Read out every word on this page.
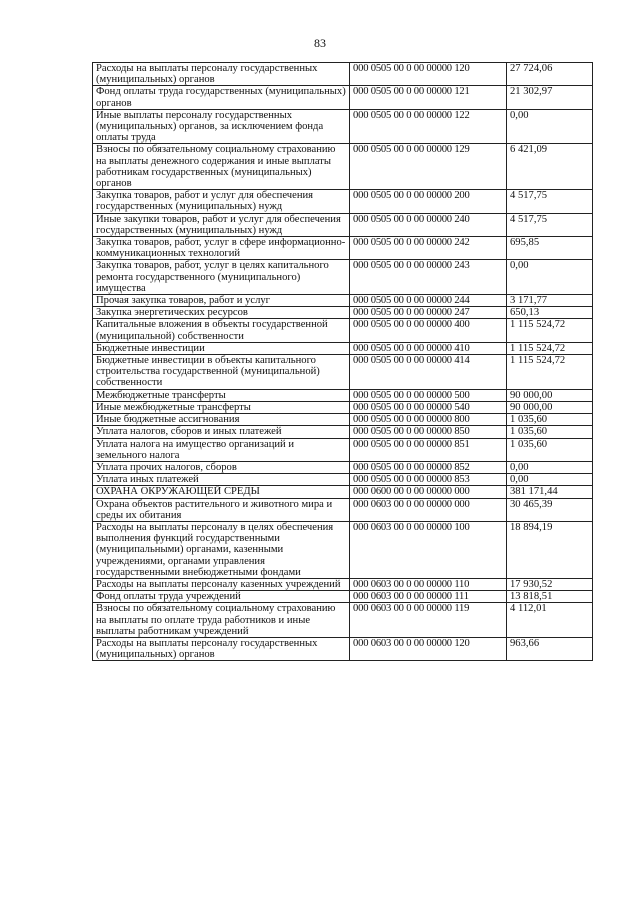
83
Расходы на выплаты персоналу государственных (муниципальных) органов	000 0505 00 0 00 00000 120	27 724,06
Фонд оплаты труда государственных (муниципальных) органов	000 0505 00 0 00 00000 121	21 302,97
Иные выплаты персоналу государственных (муниципальных) органов, за исключением фонда оплаты труда	000 0505 00 0 00 00000 122	0,00
Взносы по обязательному социальному страхованию на выплаты денежного содержания и иные выплаты работникам государственных (муниципальных) органов	000 0505 00 0 00 00000 129	6 421,09
Закупка товаров, работ и услуг для обеспечения государственных (муниципальных) нужд	000 0505 00 0 00 00000 200	4 517,75
Иные закупки товаров, работ и услуг для обеспечения государственных (муниципальных) нужд	000 0505 00 0 00 00000 240	4 517,75
Закупка товаров, работ, услуг в сфере информационно-коммуникационных технологий	000 0505 00 0 00 00000 242	695,85
Закупка товаров, работ, услуг в целях капитального ремонта государственного (муниципального) имущества	000 0505 00 0 00 00000 243	0,00
Прочая закупка товаров, работ и услуг	000 0505 00 0 00 00000 244	3 171,77
Закупка энергетических ресурсов	000 0505 00 0 00 00000 247	650,13
Капитальные вложения в объекты государственной (муниципальной) собственности	000 0505 00 0 00 00000 400	1 115 524,72
Бюджетные инвестиции	000 0505 00 0 00 00000 410	1 115 524,72
Бюджетные инвестиции в объекты капитального строительства государственной (муниципальной) собственности	000 0505 00 0 00 00000 414	1 115 524,72
Межбюджетные трансферты	000 0505 00 0 00 00000 500	90 000,00
Иные межбюджетные трансферты	000 0505 00 0 00 00000 540	90 000,00
Иные бюджетные ассигнования	000 0505 00 0 00 00000 800	1 035,60
Уплата налогов, сборов и иных платежей	000 0505 00 0 00 00000 850	1 035,60
Уплата налога на имущество организаций и земельного налога	000 0505 00 0 00 00000 851	1 035,60
Уплата прочих налогов, сборов	000 0505 00 0 00 00000 852	0,00
Уплата иных платежей	000 0505 00 0 00 00000 853	0,00
ОХРАНА ОКРУЖАЮЩЕЙ СРЕДЫ	000 0600 00 0 00 00000 000	381 171,44
Охрана объектов растительного и животного мира и среды их обитания	000 0603 00 0 00 00000 000	30 465,39
Расходы на выплаты персоналу в целях обеспечения выполнения функций государственными (муниципальными) органами, казенными учреждениями, органами управления государственными внебюджетными фондами	000 0603 00 0 00 00000 100	18 894,19
Расходы на выплаты персоналу казенных учреждений	000 0603 00 0 00 00000 110	17 930,52
Фонд оплаты труда учреждений	000 0603 00 0 00 00000 111	13 818,51
Взносы по обязательному социальному страхованию на выплаты по оплате труда работников и иные выплаты работникам учреждений	000 0603 00 0 00 00000 119	4 112,01
Расходы на выплаты персоналу государственных (муниципальных) органов	000 0603 00 0 00 00000 120	963,66
